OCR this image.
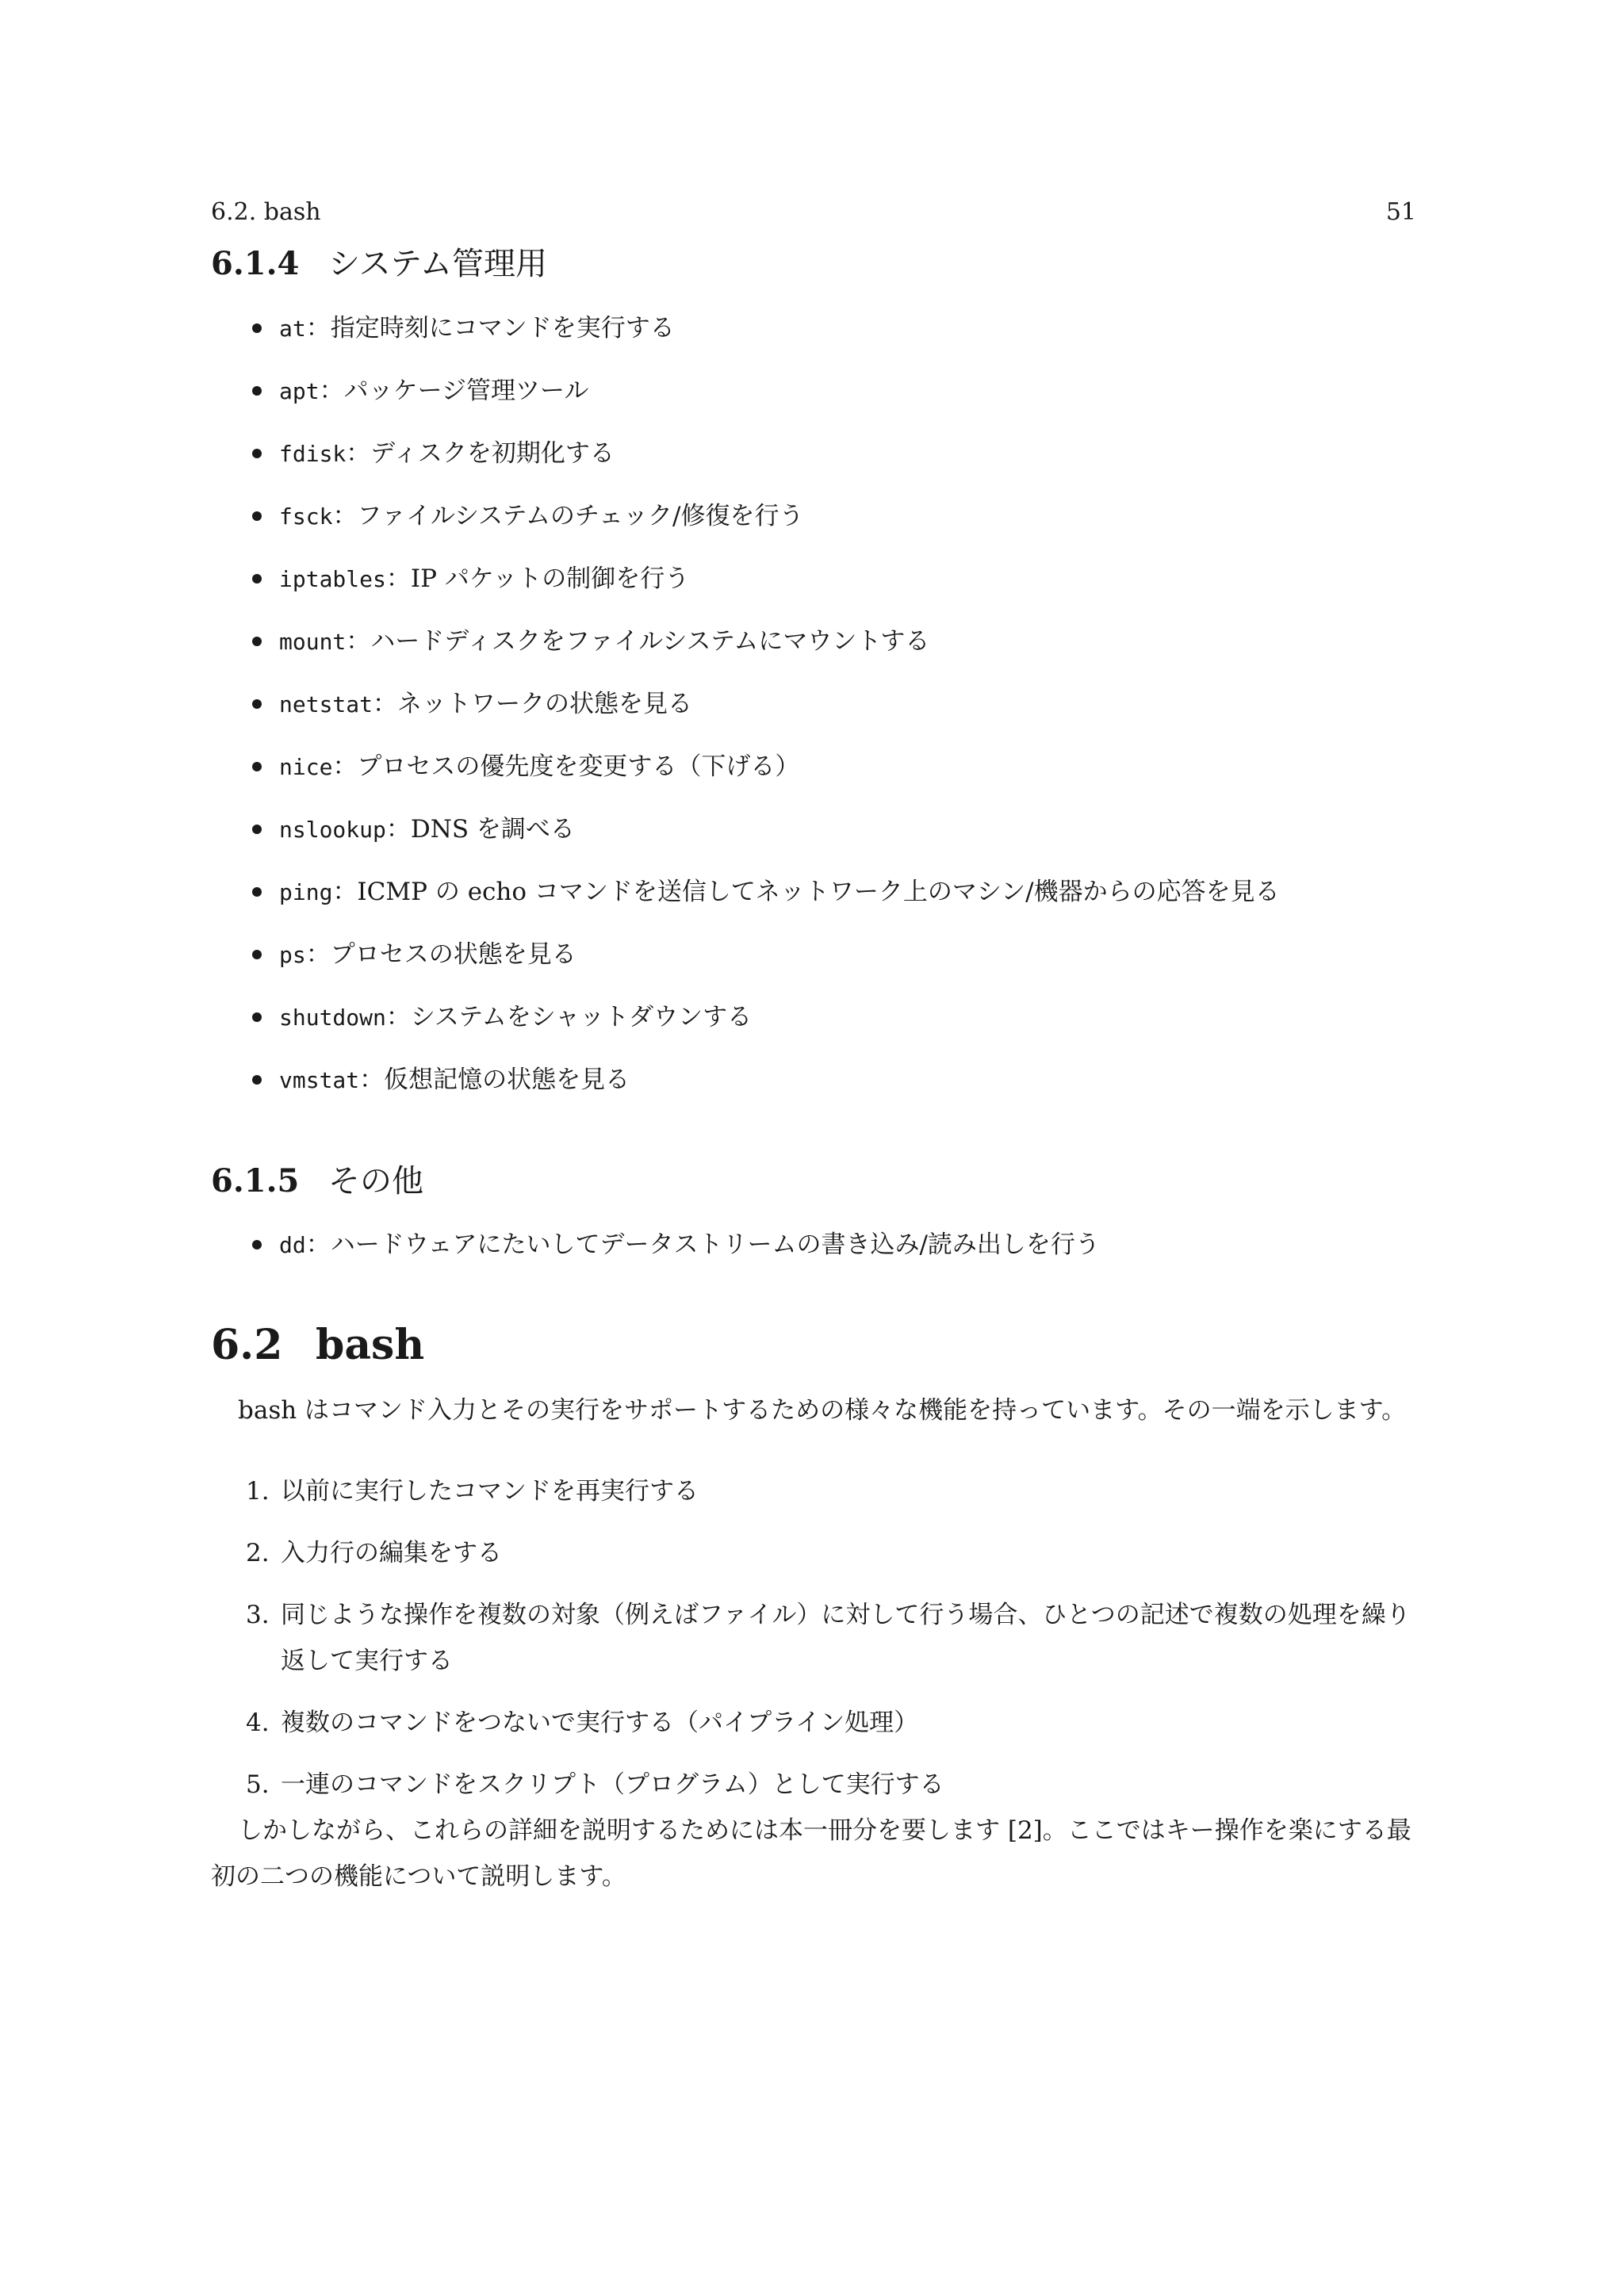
6.2. bash	51
6.1.4 システム管理用
at：指定時刻にコマンドを実行する
apt：パッケージ管理ツール
fdisk：ディスクを初期化する
fsck：ファイルシステムのチェック/修復を行う
iptables：IP パケットの制御を行う
mount：ハードディスクをファイルシステムにマウントする
netstat：ネットワークの状態を見る
nice：プロセスの優先度を変更する（下げる）
nslookup：DNS を調べる
ping：ICMP の echo コマンドを送信してネットワーク上のマシン/機器からの応答を見る
ps：プロセスの状態を見る
shutdown：システムをシャットダウンする
vmstat：仮想記憶の状態を見る
6.1.5 その他
dd：ハードウェアにたいしてデータストリームの書き込み/読み出しを行う
6.2 bash

bash はコマンド入力とその実行をサポートするための様々な機能を持っています。その一端を示します。

1. 以前に実行したコマンドを再実行する
2. 入力行の編集をする
3. 同じような操作を複数の対象（例えばファイル）に対して行う場合、ひとつの記述で複数の処理を繰り返して実行する
4. 複数のコマンドをつないで実行する（パイプライン処理）
5. 一連のコマンドをスクリプト（プログラム）として実行する

しかしながら、これらの詳細を説明するためには本一冊分を要します [2]。ここではキー操作を楽にする最初の二つの機能について説明します。
